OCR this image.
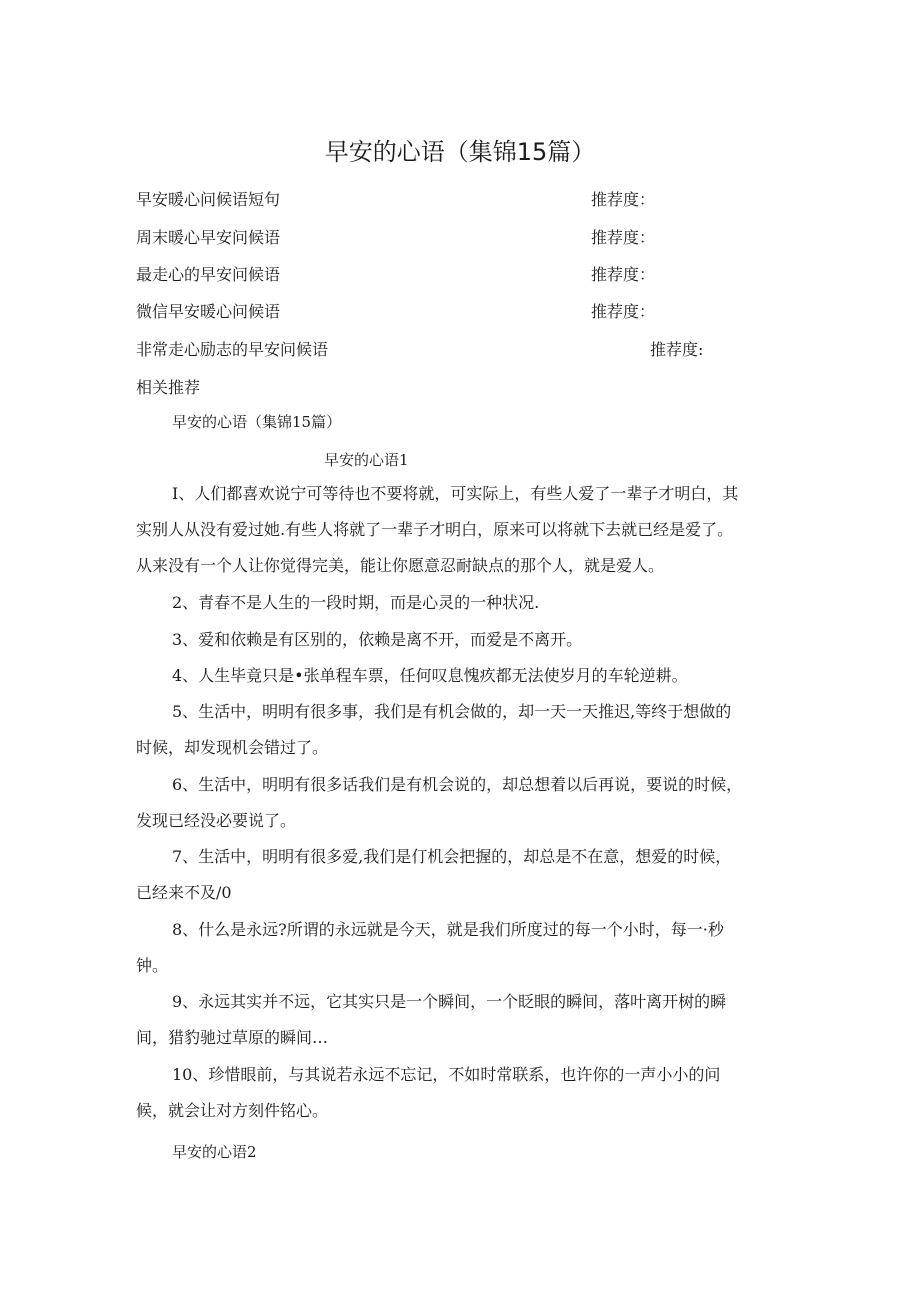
早安的心语（集锦15篇）
早安暖心问候语短句	推荐度：
周末暖心早安问候语	推荐度：
最走心的早安问候语	推荐度：
微信早安暖心问候语	推荐度：
非常走心励志的早安问候语	推荐度:
相关推荐
早安的心语（集锦15篇）
早安的心语1
I、人们都喜欢说宁可等待也不要将就，可实际上，有些人爱了一辈子才明白，其
实别人从没有爱过她.有些人将就了一辈子才明白，原来可以将就下去就已经是爱了。
从来没有一个人让你觉得完美，能让你愿意忍耐缺点的那个人，就是爱人。
2、青春不是人生的一段时期，而是心灵的一种状况.
3、爱和依赖是有区别的，依赖是离不开，而爱是不离开。
4、人生毕竟只是•张单程车票，任何叹息愧疚都无法使岁月的车轮逆耕。
5、生活中，明明有很多事，我们是有机会做的，却一天一天推迟,等终于想做的
时候，却发现机会错过了。
6、生活中，明明有很多话我们是有机会说的，却总想着以后再说，要说的时候，
发现已经没必要说了。
7、生活中，明明有很多爱,我们是仃机会把握的，却总是不在意，想爱的时候，
已经来不及/0
8、什么是永远?所谓的永远就是今天，就是我们所度过的每一个小时，每一·秒
钟。
9、永远其实并不远，它其实只是一个瞬间，一个眨眼的瞬间，落叶离开树的瞬
间，猎豹驰过草原的瞬间…
10、珍惜眼前，与其说若永远不忘记，不如时常联系，也许你的一声小小的问
候，就会让对方刻件铭心。
早安的心语2
